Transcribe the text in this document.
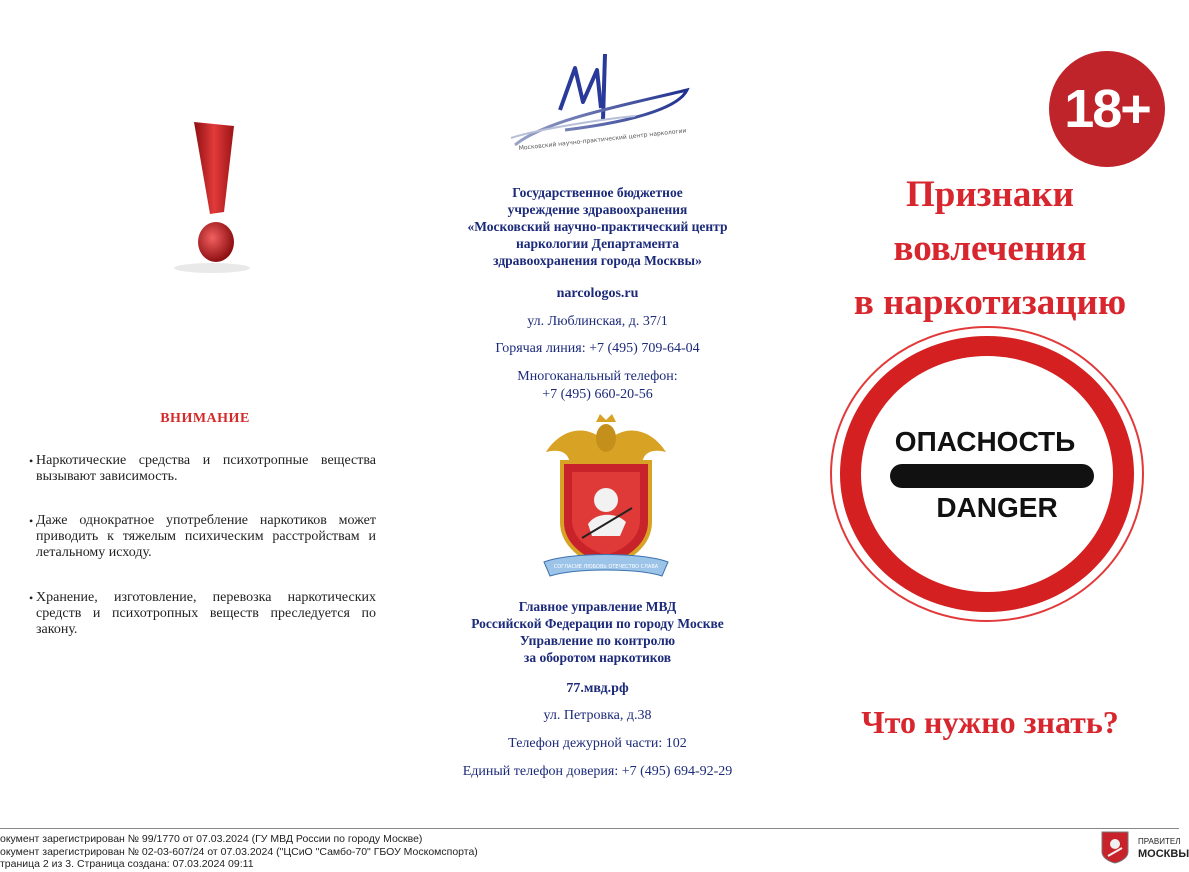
ВНИМАНИЕ
• Наркотические средства и психотропные вещества вызывают зависимость.
• Даже однократное употребление наркотиков может приводить к тяжелым психическим расстройствам и летальному исходу.
• Хранение, изготовление, перевозка наркотических средств и психотропных веществ преследуется по закону.
Московский научно-практический центр наркологии
Государственное бюджетное
учреждение здравоохранения
«Московский научно-практический центр
наркологии Департамента
здравоохранения города Москвы»
narcologos.ru
ул. Люблинская, д. 37/1
Горячая линия: +7 (495) 709-64-04
Многоканальный телефон:
+7 (495) 660-20-56
СОГЛАСИЕ ЛЮБОВЬ ОТЕЧЕСТВО СЛАВА
Главное управление МВД
Российской Федерации по городу Москве
Управление по контролю
за оборотом наркотиков
77.мвд.рф
ул. Петровка, д.38
Телефон дежурной части: 102
Единый телефон доверия: +7 (495) 694-92-29
18+
Признаки
вовлечения
в наркотизацию
ОПАСНОСТЬ
DANGER
Что нужно знать?
окумент зарегистрирован № 99/1770 от 07.03.2024 (ГУ МВД России по городу Москве)
окумент зарегистрирован № 02-03-607/24 от 07.03.2024 ("ЦСиО "Самбо-70" ГБОУ Москомспорта)
траница 2 из 3. Страница создана: 07.03.2024 09:11
ПРАВИТЕЛ
МОСКВЫ
